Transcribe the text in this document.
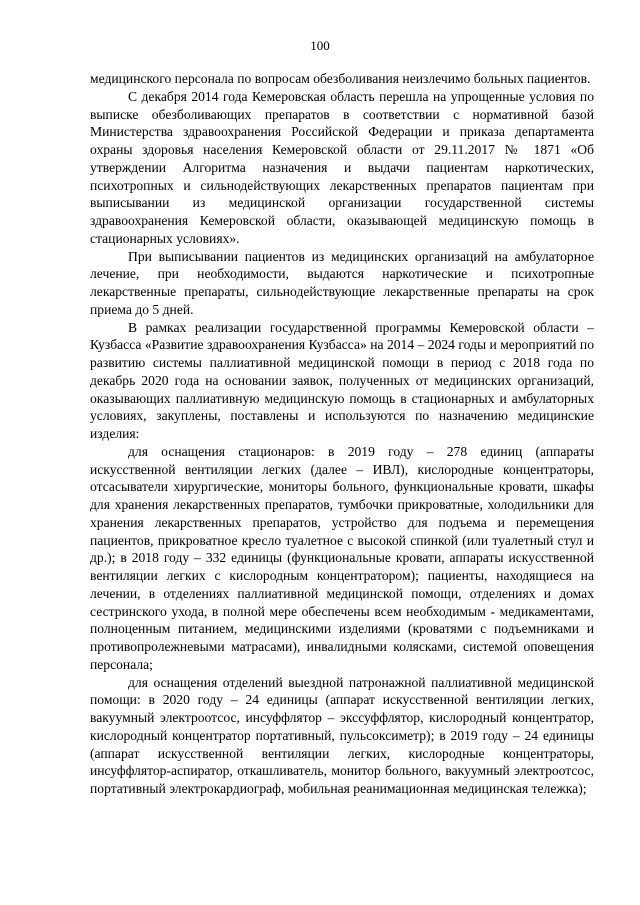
100

медицинского персонала по вопросам обезболивания неизлечимо больных пациентов.

С декабря 2014 года Кемеровская область перешла на упрощенные условия по выписке обезболивающих препаратов в соответствии с нормативной базой Министерства здравоохранения Российской Федерации и приказа департамента охраны здоровья населения Кемеровской области от 29.11.2017 № 1871 «Об утверждении Алгоритма назначения и выдачи пациентам наркотических, психотропных и сильнодействующих лекарственных препаратов пациентам при выписывании из медицинской организации государственной системы здравоохранения Кемеровской области, оказывающей медицинскую помощь в стационарных условиях».

При выписывании пациентов из медицинских организаций на амбулаторное лечение, при необходимости, выдаются наркотические и психотропные лекарственные препараты, сильнодействующие лекарственные препараты на срок приема до 5 дней.

В рамках реализации государственной программы Кемеровской области – Кузбасса «Развитие здравоохранения Кузбасса» на 2014 – 2024 годы и мероприятий по развитию системы паллиативной медицинской помощи в период с 2018 года по декабрь 2020 года на основании заявок, полученных от медицинских организаций, оказывающих паллиативную медицинскую помощь в стационарных и амбулаторных условиях, закуплены, поставлены и используются по назначению медицинские изделия:

для оснащения стационаров: в 2019 году – 278 единиц (аппараты искусственной вентиляции легких (далее – ИВЛ), кислородные концентраторы, отсасыватели хирургические, мониторы больного, функциональные кровати, шкафы для хранения лекарственных препаратов, тумбочки прикроватные, холодильники для хранения лекарственных препаратов, устройство для подъема и перемещения пациентов, прикроватное кресло туалетное с высокой спинкой (или туалетный стул и др.); в 2018 году – 332 единицы (функциональные кровати, аппараты искусственной вентиляции легких с кислородным концентратором); пациенты, находящиеся на лечении, в отделениях паллиативной медицинской помощи, отделениях и домах сестринского ухода, в полной мере обеспечены всем необходимым - медикаментами, полноценным питанием, медицинскими изделиями (кроватями с подъемниками и противопролежневыми матрасами), инвалидными колясками, системой оповещения персонала;

для оснащения отделений выездной патронажной паллиативной медицинской помощи: в 2020 году – 24 единицы (аппарат искусственной вентиляции легких, вакуумный электроотсос, инсуффлятор – экссуффлятор, кислородный концентратор, кислородный концентратор портативный, пульсоксиметр); в 2019 году – 24 единицы (аппарат искусственной вентиляции легких, кислородные концентраторы, инсуффлятор-аспиратор, откашливатель, монитор больного, вакуумный электроотсос, портативный электрокардиограф, мобильная реанимационная медицинская тележка);
